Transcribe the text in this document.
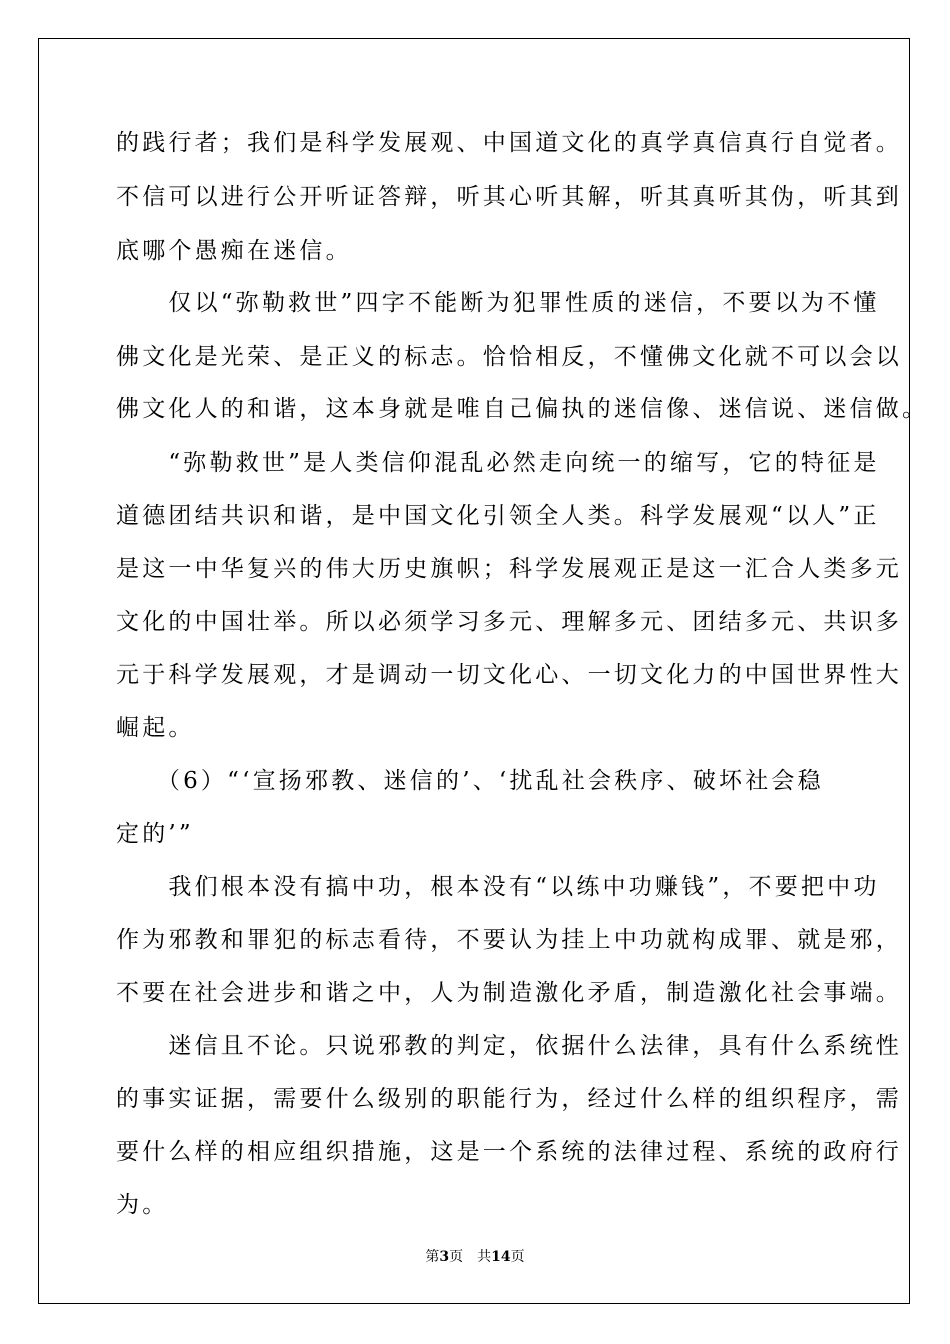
的践行者；我们是科学发展观、中国道文化的真学真信真行自觉者。
不信可以进行公开听证答辩，听其心听其解，听其真听其伪，听其到
底哪个愚痴在迷信。
　　仅以“弥勒救世”四字不能断为犯罪性质的迷信，不要以为不懂
佛文化是光荣、是正义的标志。恰恰相反，不懂佛文化就不可以会以
佛文化人的和谐，这本身就是唯自己偏执的迷信像、迷信说、迷信做。
　　“弥勒救世”是人类信仰混乱必然走向统一的缩写，它的特征是
道德团结共识和谐，是中国文化引领全人类。科学发展观“以人”正
是这一中华复兴的伟大历史旗帜；科学发展观正是这一汇合人类多元
文化的中国壮举。所以必须学习多元、理解多元、团结多元、共识多
元于科学发展观，才是调动一切文化心、一切文化力的中国世界性大
崛起。
　　（6）“‘宣扬邪教、迷信的’、‘扰乱社会秩序、破坏社会稳
定的’”
　　我们根本没有搞中功，根本没有“以练中功赚钱”，不要把中功
作为邪教和罪犯的标志看待，不要认为挂上中功就构成罪、就是邪，
不要在社会进步和谐之中，人为制造激化矛盾，制造激化社会事端。
　　迷信且不论。只说邪教的判定，依据什么法律，具有什么系统性
的事实证据，需要什么级别的职能行为，经过什么样的组织程序，需
要什么样的相应组织措施，这是一个系统的法律过程、系统的政府行
为。
第3页　共14页
